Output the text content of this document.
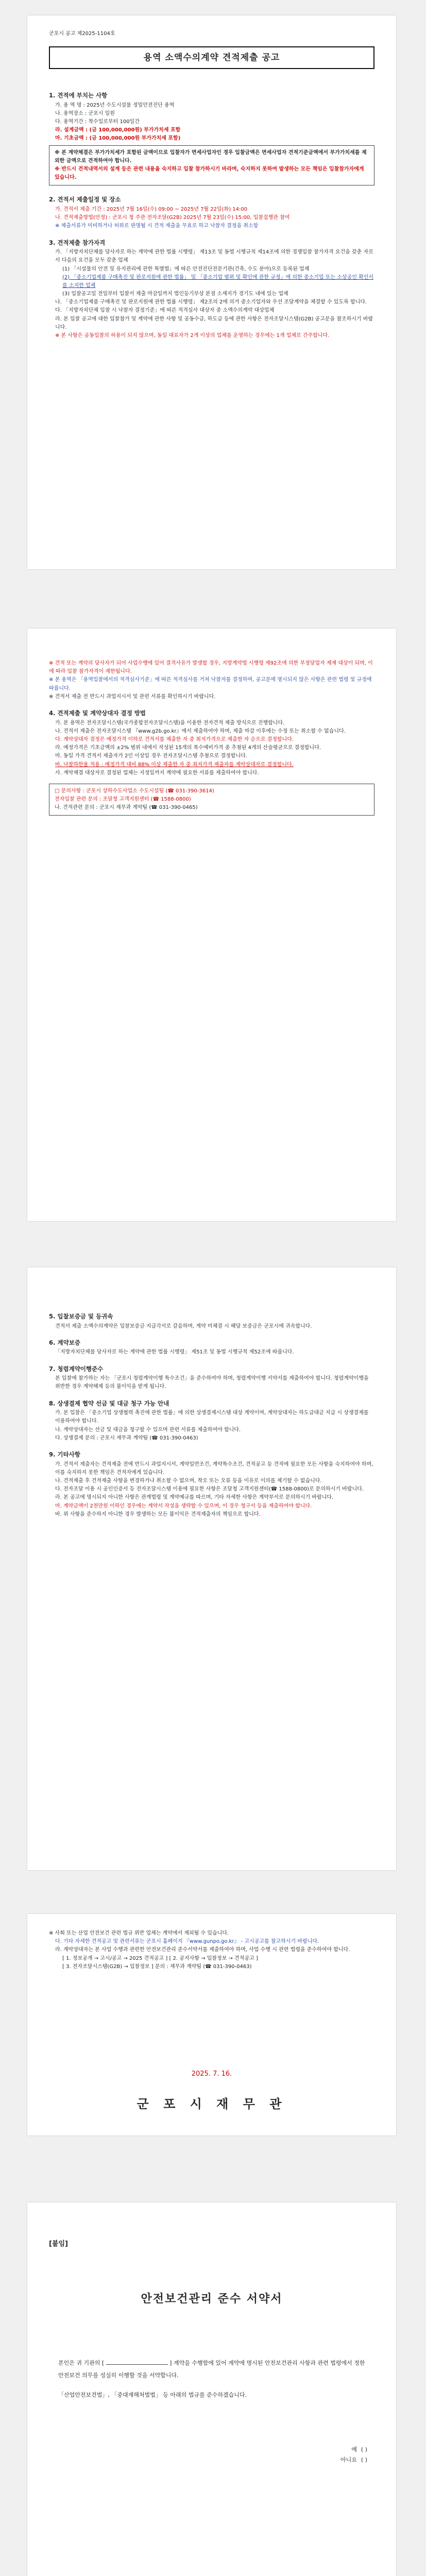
군포시 공고 제2025-1104호
용역 소액수의계약 견적제출 공고
1. 견적에 부치는 사항

가. 용 역 명 : 2025년 수도시설물 정밀안전진단 용역

나. 용역장소 : 군포시 일원

다. 용역기간 : 착수일로부터 100일간

라. 설계금액 : (금 100,000,000원) 부가가치세 포함

마. 기초금액 : (금 100,000,000원 부가가치세 포함)

※ 본 계약체결은 부가가치세가 포함된 금액이므로 입찰자가 면세사업자인 경우 입찰금액은 면세사업자 견적기준금액에서 부가가치세를 제외한 금액으로 견적하여야 합니다.

※ 반드시 견적내역서의 설계 등은 관련 내용을 숙지하고 입찰 참가하시기 바라며, 숙지하지 못하여 발생하는 모든 책임은 입찰참가자에게 있습니다.

2. 견적서 제출일정 및 장소

가. 견적서 제출 기간 : 2025년 7월 16일(수) 09:00 ~ 2025년 7월 22일(화) 14:00

나. 견적제출방법(안정) : 군포시 청 주관 전자조달(G2B) 2025년 7월 23일(수) 15:00, 입찰집행관 참여

※ 제출서류가 미비하거나 허위로 판명될 시 견적 제출을 무효로 하고 낙찰자 결정을 취소함

3. 견적제출 참가자격

가. 「지방자치단체를 당사자로 하는 계약에 관한 법률 시행령」 제13조 및 동법 시행규칙 제14조에 의한 경쟁입찰 참가자격 요건을 갖춘 자로서 다음의 요건을 모두 갖춘 업체

(1) 「시설물의 안전 및 유지관리에 관한 특별법」에 따른 안전진단전문기관(건축, 수도 분야)으로 등록된 업체

(2) 「중소기업제품 구매촉진 및 판로지원에 관한 법률」 및 「중소기업 범위 및 확인에 관한 규정」에 의한 중소기업 또는 소상공인 확인서를 소지한 업체

(3) 입찰공고일 전일부터 입찰서 제출 마감일까지 법인등기부상 본점 소재지가 경기도 내에 있는 업체

나. 「중소기업제품 구매촉진 및 판로지원에 관한 법률 시행령」 제2조의 2에 의거 중소기업자와 우선 조달계약을 체결할 수 있도록 합니다.

다. 「지방자치단체 입찰 시 낙찰자 결정기준」에 따른 적격심사 대상자 중 소액수의계약 대상업체

라. 본 입찰 공고에 대한 입찰참가 및 계약에 관한 사항 및 공동수급, 하도급 등에 관한 사항은 전자조달시스템(G2B) 공고문을 참조하시기 바랍니다.

※ 본 사항은 공동입찰의 허용이 되지 않으며, 동일 대표자가 2개 이상의 업체를 운영하는 경우에는 1개 업체로 간주합니다.

※ 견적 또는 계약의 당사자가 되어 사업수행에 있어 결격사유가 발생할 경우, 지방계약법 시행령 제92조에 의한 부정당업자 제재 대상이 되며, 이에 따라 입찰 참가자격이 제한됩니다.

※ 본 용역은 「용역입찰에서의 적격심사기준」에 따른 적격심사를 거쳐 낙찰자를 결정하며, 공고문에 명시되지 않은 사항은 관련 법령 및 규정에 따릅니다.

※ 견적서 제출 전 반드시 과업지시서 및 관련 서류를 확인하시기 바랍니다.

4. 견적제출 및 계약상대자 결정 방법

가. 본 용역은 전자조달시스템(국가종합전자조달시스템)을 이용한 전자견적 제출 방식으로 진행합니다.

나. 견적서 제출은 전자조달시스템 『www.g2b.go.kr』에서 제출하여야 하며, 제출 마감 이후에는 수정 또는 취소할 수 없습니다.

다. 계약상대자 결정은 예정가격 이하로 견적서를 제출한 자 중 최저가격으로 제출한 자 순으로 결정합니다.

라. 예정가격은 기초금액의 ±2% 범위 내에서 작성된 15개의 복수예비가격 중 추첨된 4개의 산술평균으로 결정합니다.

마. 동일 가격 견적서 제출자가 2인 이상일 경우 전자조달시스템 추첨으로 결정합니다.

바. 낙찰하한율 적용 : 예정가격 대비 88% 이상 제출한 자 중 최저가격 제출자를 계약상대자로 결정합니다.

사. 계약체결 대상자로 결정된 업체는 지정일까지 계약에 필요한 서류를 제출하여야 합니다.

□ 문의사항 : 군포시 상하수도사업소 수도시설팀 (☎ 031-390-3614)

전자입찰 관련 문의 : 조달청 고객지원센터 (☎ 1588-0800)

나. 견적관련 문의 : 군포시 재무과 계약팀 (☎ 031-390-0465)

5. 입찰보증금 및 등귀속

견적서 제출 소액수의계약은 입찰보증금 지급각서로 갈음하며, 계약 미체결 시 해당 보증금은 군포시에 귀속합니다.

6. 계약보증

「지방자치단체를 당사자로 하는 계약에 관한 법률 시행령」 제51조 및 동법 시행규칙 제52조에 따릅니다.

7. 청렴계약이행준수

본 입찰에 참가하는 자는 「군포시 청렴계약이행 특수조건」을 준수하여야 하며, 청렴계약이행 서약서를 제출하여야 합니다. 청렴계약이행을 위반한 경우 계약해제 등의 불이익을 받게 됩니다.

8. 상생결제 협약 선금 및 대금 청구 가능 안내

가. 본 입찰은 「중소기업 상생협력 촉진에 관한 법률」에 의한 상생결제시스템 대상 계약이며, 계약상대자는 하도급대금 지급 시 상생결제를 이용하여야 합니다.

나. 계약상대자는 선금 및 대금을 청구할 수 있으며 관련 서류를 제출하여야 합니다.

다. 상생결제 문의 : 군포시 재무과 계약팀 (☎ 031-390-0463)

9. 기타사항

가. 견적서 제출자는 견적제출 전에 반드시 과업지시서, 계약일반조건, 계약특수조건, 견적공고 등 견적에 필요한 모든 사항을 숙지하여야 하며, 이를 숙지하지 못한 책임은 견적자에게 있습니다.

나. 견적제출 후 견적제출 사항을 변경하거나 취소할 수 없으며, 착오 또는 오류 등을 이유로 이의를 제기할 수 없습니다.

다. 전자조달 이용 시 공인인증서 등 전자조달시스템 이용에 필요한 사항은 조달청 고객지원센터(☎ 1588-0800)로 문의하시기 바랍니다.

라. 본 공고에 명시되지 아니한 사항은 관계법령 및 계약예규를 따르며, 기타 자세한 사항은 계약부서로 문의하시기 바랍니다.

마. 계약금액이 2천만원 이하인 경우에는 계약서 작성을 생략할 수 있으며, 이 경우 청구서 등을 제출하여야 합니다.

바. 위 사항을 준수하지 아니한 경우 발생하는 모든 불이익은 견적제출자의 책임으로 합니다.

※ 사회 또는 산업 안전보건 관련 법규 위반 업체는 계약에서 제외될 수 있습니다.

다. 기타 자세한 견적공고 및 관련서류는 군포시 홈페이지 『www.gunpo.go.kr』 - 고시공고를 참고하시기 바랍니다.

라. 계약상대자는 본 사업 수행과 관련한 안전보건관리 준수서약서를 제출하여야 하며, 사업 수행 시 관련 법령을 준수하여야 합니다.

[ 1. 정보공개 → 고시/공고 → 2025 견적공고 ] [ 2. 공지사항 → 입찰정보 → 견적공고 ]

[ 3. 전자조달시스템(G2B) → 입찰정보 ] 문의 : 재무과 계약팀 (☎ 031-390-0463)

2025. 7. 16.
군 포 시 재 무 관
[붙임]
안전보건관리 준수 서약서
본인은 귀 기관의 [	] 계약을 수행함에 있어 계약에 명시된 안전보건관리 사항과 관련 법령에서 정한 안전보건 의무를 성실히 이행할 것을 서약합니다.

「산업안전보건법」, 「중대재해처벌법」 등 아래의 법규를 준수하겠습니다.

예 ( )
아니요 ( )
